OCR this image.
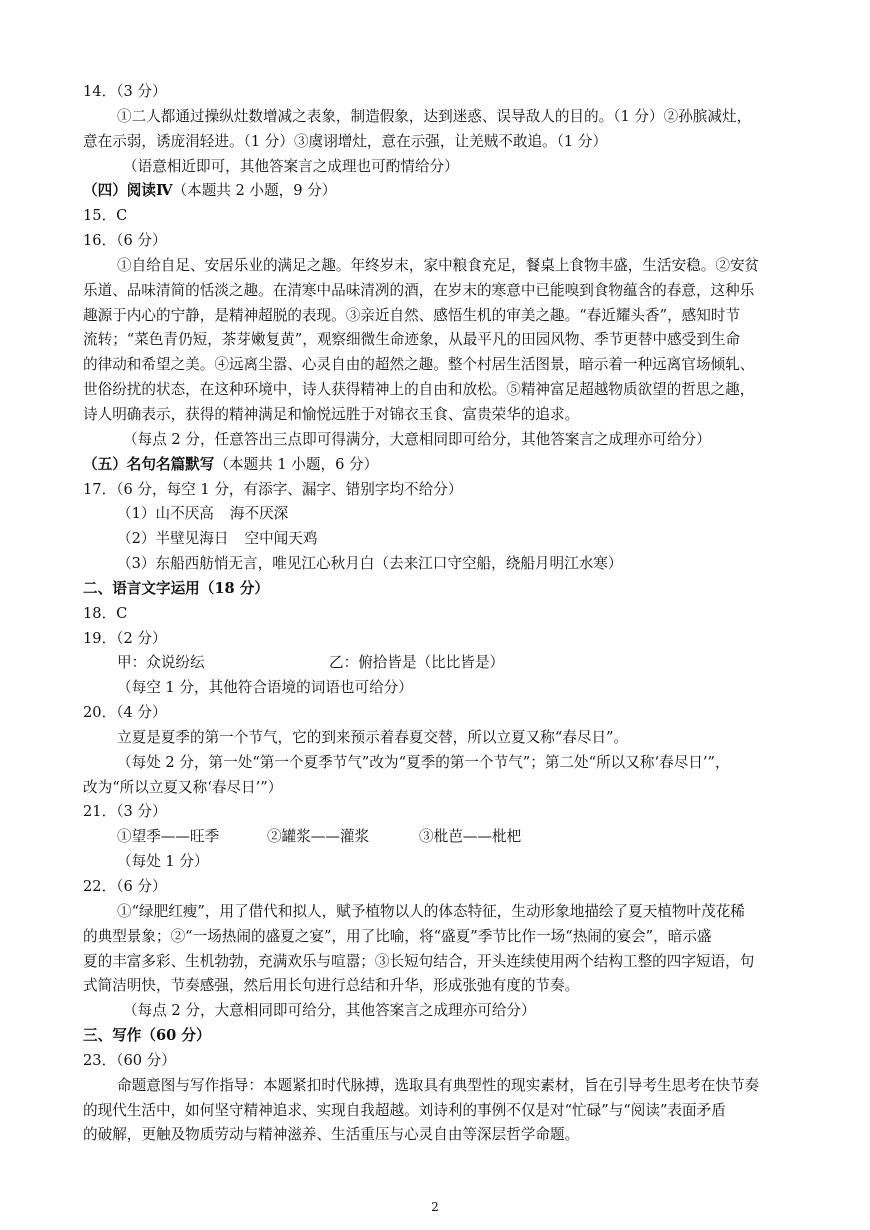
14．（3 分）
①二人都通过操纵灶数增减之表象，制造假象，达到迷惑、误导敌人的目的。（1 分）②孙膑减灶，
意在示弱，诱庞涓轻进。（1 分）③虞诩增灶，意在示强，让羌贼不敢追。（1 分）
（语意相近即可，其他答案言之成理也可酌情给分）
（四）阅读Ⅳ（本题共 2 小题，9 分）
15．C
16．（6 分）
①自给自足、安居乐业的满足之趣。年终岁末，家中粮食充足，餐桌上食物丰盛，生活安稳。②安贫
乐道、品味清简的恬淡之趣。在清寒中品味清冽的酒，在岁末的寒意中已能嗅到食物蕴含的春意，这种乐
趣源于内心的宁静，是精神超脱的表现。③亲近自然、感悟生机的审美之趣。“春近耀头香”，感知时节
流转；“菜色青仍短，茶芽嫩复黄”，观察细微生命迹象，从最平凡的田园风物、季节更替中感受到生命
的律动和希望之美。④远离尘嚣、心灵自由的超然之趣。整个村居生活图景，暗示着一种远离官场倾轧、
世俗纷扰的状态，在这种环境中，诗人获得精神上的自由和放松。⑤精神富足超越物质欲望的哲思之趣，
诗人明确表示，获得的精神满足和愉悦远胜于对锦衣玉食、富贵荣华的追求。
（每点 2 分，任意答出三点即可得满分，大意相同即可给分，其他答案言之成理亦可给分）
（五）名句名篇默写（本题共 1 小题，6 分）
17．（6 分，每空 1 分，有添字、漏字、错别字均不给分）
（1）山不厌高 海不厌深
（2）半壁见海日 空中闻天鸡
（3）东船西舫悄无言，唯见江心秋月白（去来江口守空船，绕船月明江水寒）
二、语言文字运用（18 分）
18．C
19．（2 分）
甲：众说纷纭	乙：俯拾皆是（比比皆是）
（每空 1 分，其他符合语境的词语也可给分）
20．（4 分）
立夏是夏季的第一个节气，它的到来预示着春夏交替，所以立夏又称“春尽日”。
（每处 2 分，第一处“第一个夏季节气”改为“夏季的第一个节气”；第二处“所以又称‘春尽日’”，
改为“所以立夏又称‘春尽日’”）
21．（3 分）
①望季——旺季	②罐浆——灌浆	③枇芭——枇杷
（每处 1 分）
22．（6 分）
①“绿肥红瘦”，用了借代和拟人，赋予植物以人的体态特征，生动形象地描绘了夏天植物叶茂花稀
的典型景象；②“一场热闹的盛夏之宴”，用了比喻，将“盛夏”季节比作一场“热闹的宴会”，暗示盛
夏的丰富多彩、生机勃勃，充满欢乐与喧嚣；③长短句结合，开头连续使用两个结构工整的四字短语，句
式简洁明快，节奏感强，然后用长句进行总结和升华，形成张弛有度的节奏。
（每点 2 分，大意相同即可给分，其他答案言之成理亦可给分）
三、写作（60 分）
23．（60 分）
命题意图与写作指导：本题紧扣时代脉搏，选取具有典型性的现实素材，旨在引导考生思考在快节奏
的现代生活中，如何坚守精神追求、实现自我超越。刘诗利的事例不仅是对“忙碌”与“阅读”表面矛盾
的破解，更触及物质劳动与精神滋养、生活重压与心灵自由等深层哲学命题。
2
